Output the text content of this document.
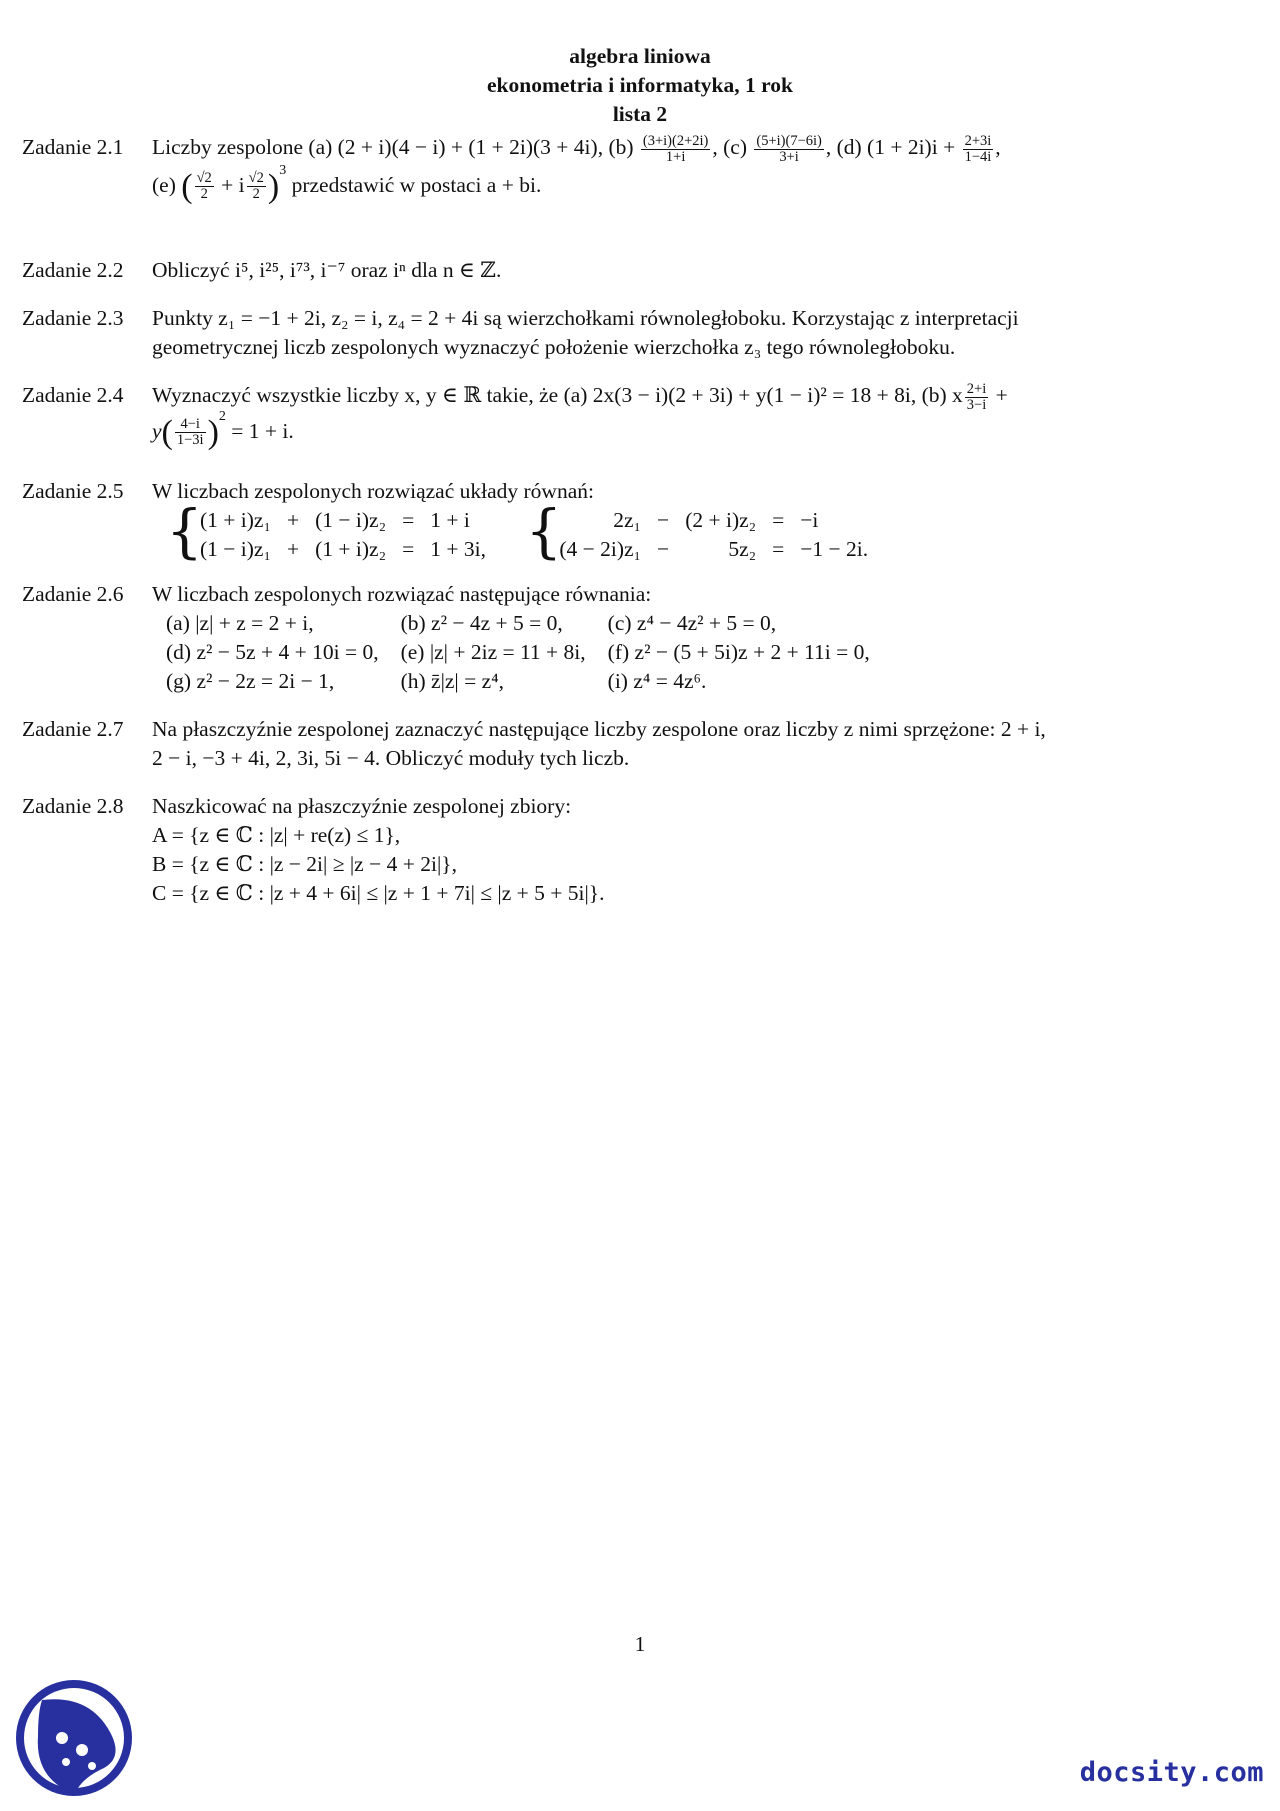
algebra liniowa
ekonometria i informatyka, 1 rok
lista 2
Zadanie 2.1 Liczby zespolone (a) (2 + i)(4 − i) + (1 + 2i)(3 + 4i), $(b) \frac{(3+i)(2+2i)}{1+i}$ , $(c) \frac{(5+i)(7-6i)}{3+i}$ , (d) $(1 + 2i)i + \frac{2+3i}{1-4i}$ ,
(e) ( $\frac{√2}{2} + i \frac{√2}{2} )^3$ przedstawić w postaci a + bi.
Zadanie 2.2 Obliczyć i⁵, i²⁵, i⁷³, i⁻⁷ oraz iⁿ dla n ∈ ℤ.
Zadanie 2.3 Punkty z₁ = −1 + 2i, z₂ = i, z₄ = 2 + 4i są wierzchołkami równoległoboku. Korzystając z interpretacji
geometrycznej liczb zespolonych wyznaczyć położenie wierzchołka z₃ tego równoległoboku.
Zadanie 2.4 Wyznaczyć wszystkie liczby x, y ∈ ℝ takie, że (a) 2x(3 − i)(2 + 3i) + y(1 − i)² = 18 + 8i, (b) x $\frac{2+i}{3-i}$ +
$y( \frac{4-i}{1-3i} )^2 = 1 + i$.
Zadanie 2.5 W liczbach zespolonych rozwiązać układy równań:
{
(1 + i)z₁	+	(1 − i)z₂	=	1 + i
(1 − i)z₁	+	(1 + i)z₂	=	1 + 3i,
{ 2z₁	−	(2 + i)z₂	=	−i
(4 − 2i)z₁	−	5z₂	=	−1 − 2i.
Zadanie 2.6 W liczbach zespolonych rozwiązać następujące równania:
(a) |z| + z = 2 + i,	(b) z² − 4z + 5 = 0,	(c) z⁴ − 4z² + 5 = 0,
(d) z² − 5z + 4 + 10i = 0,	(e) |z| + 2iz = 11 + 8i,	(f) z² − (5 + 5i)z + 2 + 11i = 0,
(g) z² − 2z = 2i − 1,	(h) z̄|z| = z⁴,	(i) z⁴ = 4z⁶.
Zadanie 2.7 Na płaszczyźnie zespolonej zaznaczyć następujące liczby zespolone oraz liczby z nimi sprzężone: 2 + i,
2 − i, −3 + 4i, 2, 3i, 5i − 4. Obliczyć moduły tych liczb.
Zadanie 2.8 Naszkicować na płaszczyźnie zespolonej zbiory:
A = {z ∈ ℂ : |z| + re(z) ≤ 1},
B = {z ∈ ℂ : |z − 2i| ≥ |z − 4 + 2i|},
C = {z ∈ ℂ : |z + 4 + 6i| ≤ |z + 1 + 7i| ≤ |z + 5 + 5i|}.
1
docsity.com
